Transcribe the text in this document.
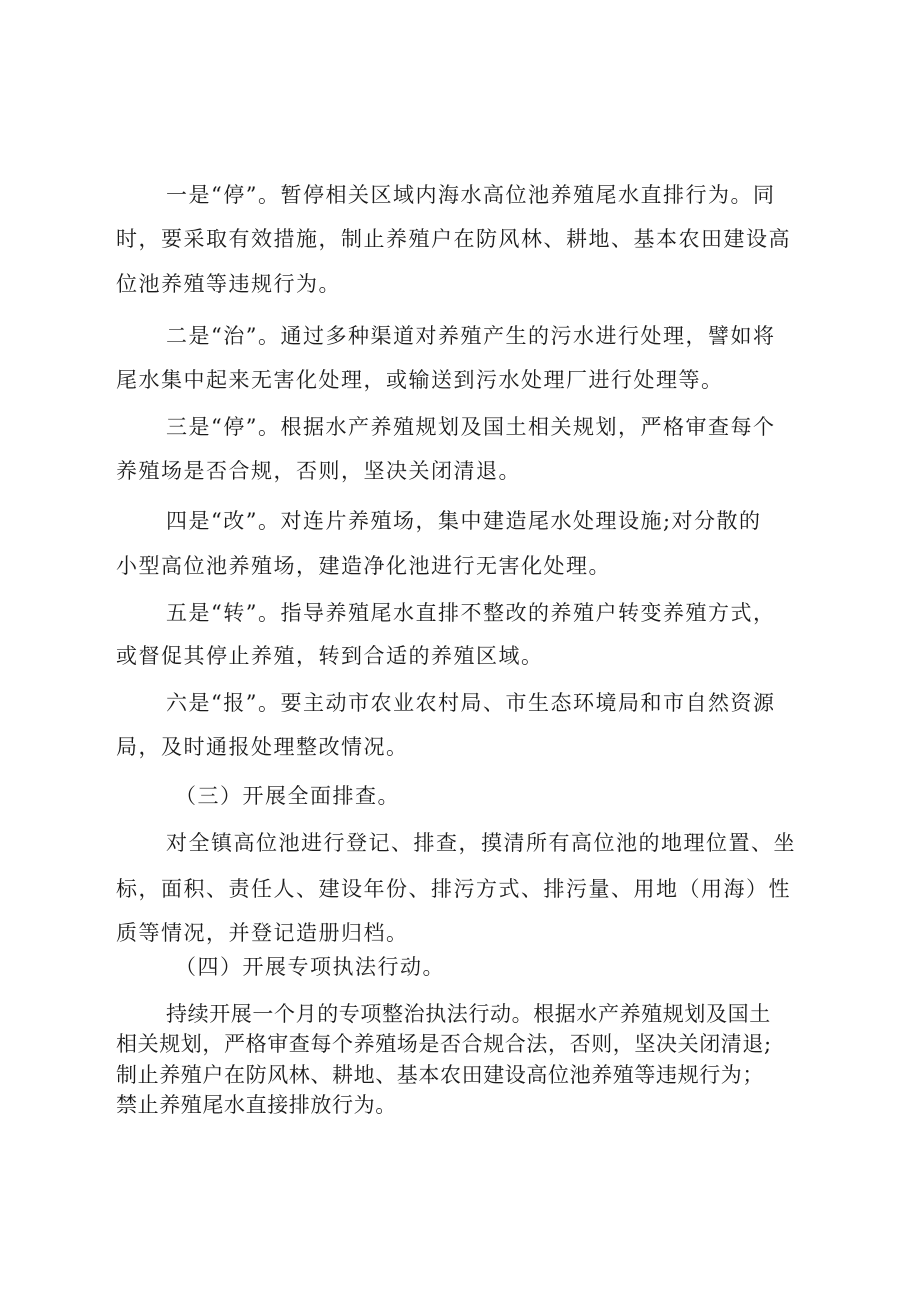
一是“停”。暂停相关区域内海水高位池养殖尾水直排行为。同
时，要采取有效措施，制止养殖户在防风林、耕地、基本农田建设高
位池养殖等违规行为。
二是“治”。通过多种渠道对养殖产生的污水进行处理，譬如将
尾水集中起来无害化处理，或输送到污水处理厂进行处理等。
三是“停”。根据水产养殖规划及国土相关规划，严格审查每个
养殖场是否合规，否则，坚决关闭清退。
四是“改”。对连片养殖场，集中建造尾水处理设施;对分散的
小型高位池养殖场，建造净化池进行无害化处理。
五是“转”。指导养殖尾水直排不整改的养殖户转变养殖方式，
或督促其停止养殖，转到合适的养殖区域。
六是“报”。要主动市农业农村局、市生态环境局和市自然资源
局，及时通报处理整改情况。
（三）开展全面排查。
对全镇高位池进行登记、排查，摸清所有高位池的地理位置、坐
标，面积、责任人、建设年份、排污方式、排污量、用地（用海）性
质等情况，并登记造册归档。
（四）开展专项执法行动。
持续开展一个月的专项整治执法行动。根据水产养殖规划及国土
相关规划，严格审查每个养殖场是否合规合法，否则，坚决关闭清退;
制止养殖户在防风林、耕地、基本农田建设高位池养殖等违规行为；
禁止养殖尾水直接排放行为。
